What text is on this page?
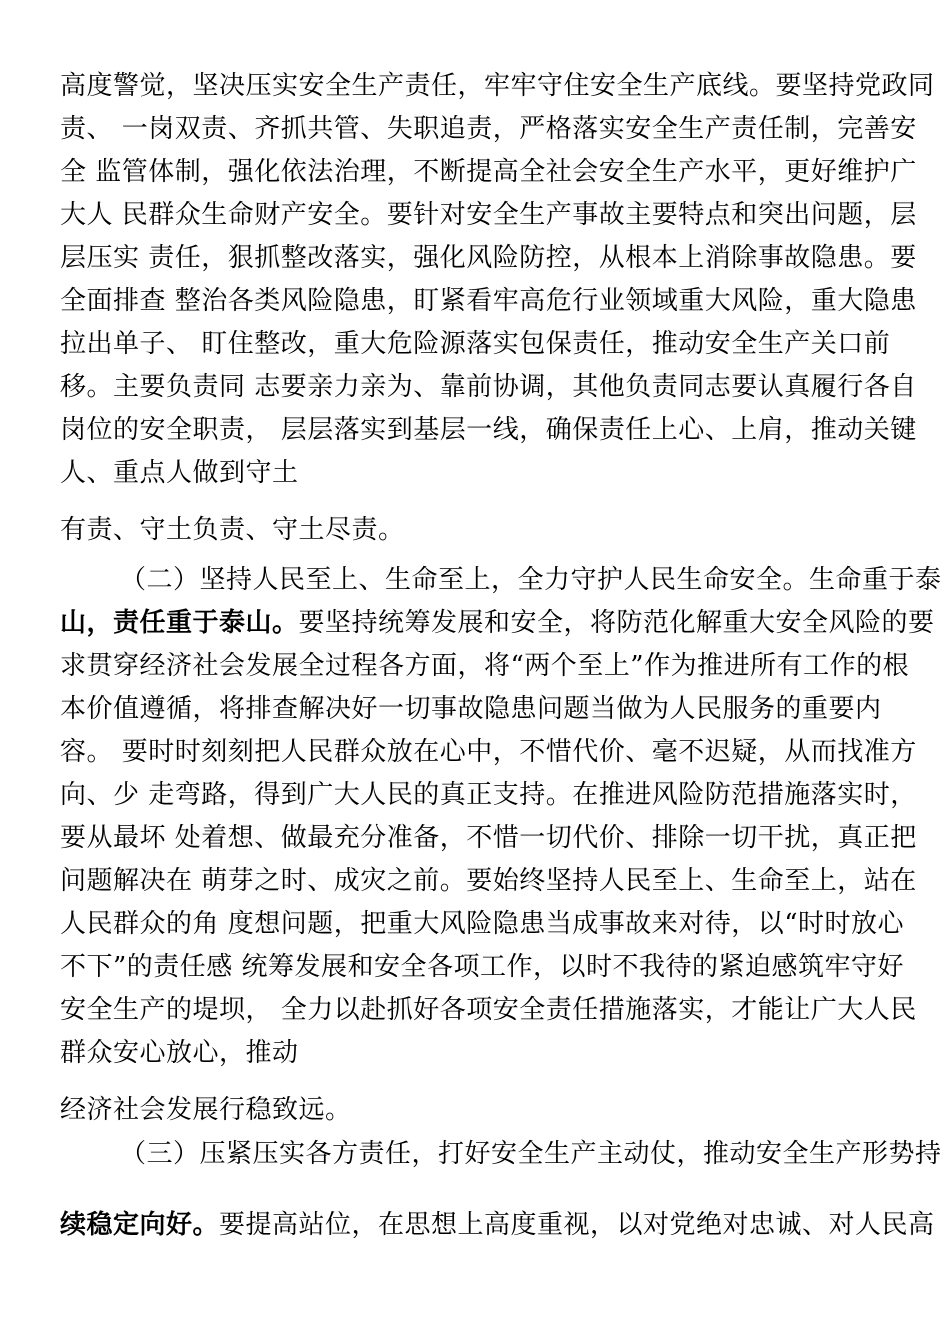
高度警觉，坚决压实安全生产责任，牢牢守住安全生产底线。要坚持党政同
责、 一岗双责、齐抓共管、失职追责，严格落实安全生产责任制，完善安
全 监管体制，强化依法治理，不断提高全社会安全生产水平，更好维护广
大人 民群众生命财产安全。要针对安全生产事故主要特点和突出问题，层
层压实 责任，狠抓整改落实，强化风险防控，从根本上消除事故隐患。要
全面排查 整治各类风险隐患，盯紧看牢高危行业领域重大风险，重大隐患
拉出单子、 盯住整改，重大危险源落实包保责任，推动安全生产关口前
移。主要负责同 志要亲力亲为、靠前协调，其他负责同志要认真履行各自
岗位的安全职责， 层层落实到基层一线，确保责任上心、上肩，推动关键
人、重点人做到守土
有责、守土负责、守土尽责。
（二）坚持人民至上、生命至上，全力守护人民生命安全。生命重于泰
山，责任重于泰山。要坚持统筹发展和安全，将防范化解重大安全风险的要
求贯穿经济社会发展全过程各方面，将“两个至上”作为推进所有工作的根
本价值遵循，将排查解决好一切事故隐患问题当做为人民服务的重要内
容。 要时时刻刻把人民群众放在心中，不惜代价、毫不迟疑，从而找准方
向、少 走弯路，得到广大人民的真正支持。在推进风险防范措施落实时，
要从最坏 处着想、做最充分准备，不惜一切代价、排除一切干扰，真正把
问题解决在 萌芽之时、成灾之前。要始终坚持人民至上、生命至上，站在
人民群众的角 度想问题，把重大风险隐患当成事故来对待，以“时时放心
不下”的责任感 统筹发展和安全各项工作，以时不我待的紧迫感筑牢守好
安全生产的堤坝， 全力以赴抓好各项安全责任措施落实，才能让广大人民
群众安心放心，推动
经济社会发展行稳致远。
（三）压紧压实各方责任，打好安全生产主动仗，推动安全生产形势持
续稳定向好。要提高站位，在思想上高度重视，以对党绝对忠诚、对人民高
